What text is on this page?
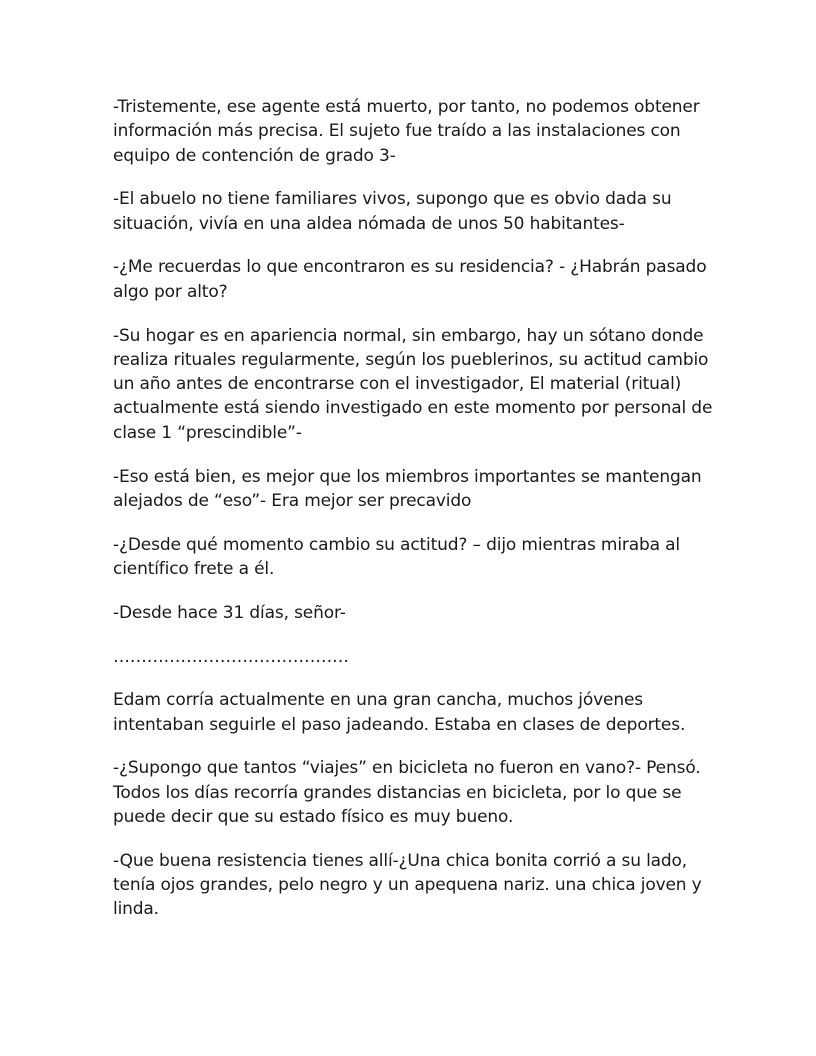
-Tristemente, ese agente está muerto, por tanto, no podemos obtener
información más precisa. El sujeto fue traído a las instalaciones con
equipo de contención de grado 3-

-El abuelo no tiene familiares vivos, supongo que es obvio dada su
situación, vivía en una aldea nómada de unos 50 habitantes-

-¿Me recuerdas lo que encontraron es su residencia? - ¿Habrán pasado
algo por alto?

-Su hogar es en apariencia normal, sin embargo, hay un sótano donde
realiza rituales regularmente, según los pueblerinos, su actitud cambio
un año antes de encontrarse con el investigador, El material (ritual)
actualmente está siendo investigado en este momento por personal de
clase 1 “prescindible”-

-Eso está bien, es mejor que los miembros importantes se mantengan
alejados de “eso”- Era mejor ser precavido

-¿Desde qué momento cambio su actitud? – dijo mientras miraba al
científico frete a él.

-Desde hace 31 días, señor-

……………………………………

Edam corría actualmente en una gran cancha, muchos jóvenes
intentaban seguirle el paso jadeando. Estaba en clases de deportes.

-¿Supongo que tantos “viajes” en bicicleta no fueron en vano?- Pensó.
Todos los días recorría grandes distancias en bicicleta, por lo que se
puede decir que su estado físico es muy bueno.

-Que buena resistencia tienes allí-¿Una chica bonita corrió a su lado,
tenía ojos grandes, pelo negro y un apequena nariz. una chica joven y
linda.
